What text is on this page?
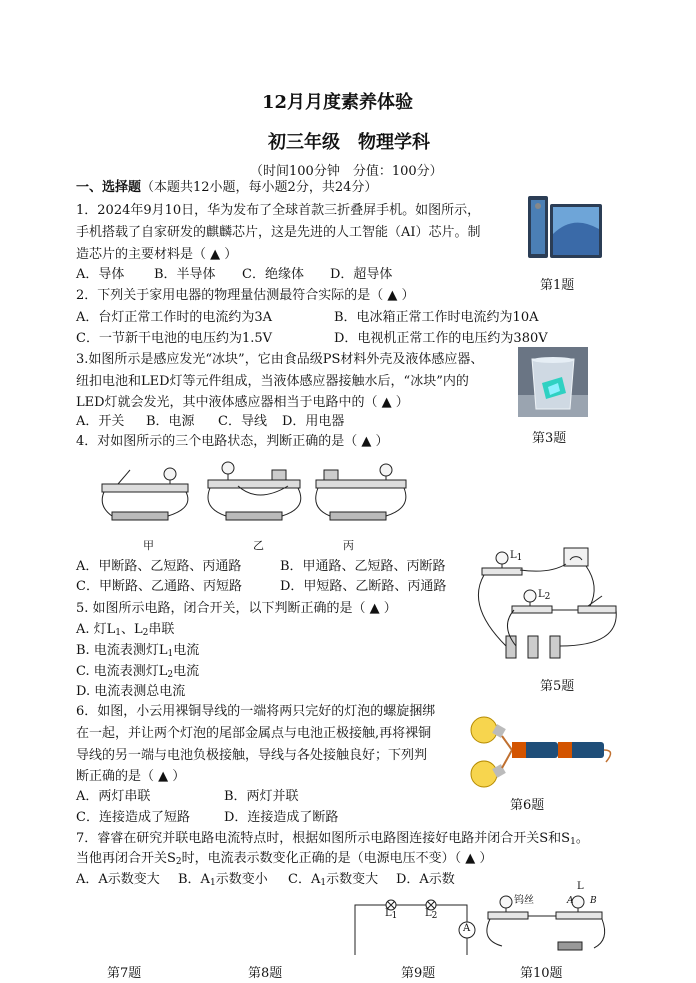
12月月度素养体验
初三年级　物理学科
（时间100分钟　分值：100分）
一、选择题（本题共12小题，每小题2分，共24分）
1．2024年9月10日，华为发布了全球首款三折叠屏手机。如图所示，
手机搭载了自家研发的麒麟芯片，这是先进的人工智能（AI）芯片。制
造芯片的主要材料是（ ▲ ）
A．导体 B．半导体 C．绝缘体 D．超导体
第1题
2．下列关于家用电器的物理量估测最符合实际的是（ ▲ ）
A．台灯正常工作时的电流约为3A	B．电冰箱正常工作时电流约为10A
C．一节新干电池的电压约为1.5V	D．电视机正常工作的电压约为380V
3.如图所示是感应发光“冰块”，它由食品级PS材料外壳及液体感应器、
纽扣电池和LED灯等元件组成，当液体感应器接触水后，“冰块”内的
LED灯就会发光，其中液体感应器相当于电路中的（ ▲ ）
A．开关 B．电源 C．导线 D．用电器
第3题
4．对如图所示的三个电路状态，判断正确的是（ ▲ ）
甲	乙	丙
A．甲断路、乙短路、丙通路	B．甲通路、乙短路、丙断路
C．甲断路、乙通路、丙短路	D．甲短路、乙断路、丙通路
5. 如图所示电路，闭合开关，以下判断正确的是（ ▲ ）
A. 灯$L_1$、$L_2$串联
B. 电流表测灯$L_1$电流
C. 电流表测灯$L_2$电流
D. 电流表测总电流
$L_1$
$L_2$
第5题
6．如图，小云用裸铜导线的一端将两只完好的灯泡的螺旋捆绑
在一起，并让两个灯泡的尾部金属点与电池正极接触,再将裸铜
导线的另一端与电池负极接触，导线与各处接触良好；下列判
断正确的是（ ▲ ）
A．两灯串联	B．两灯并联
C．连接造成了短路	D．连接造成了断路
第6题
7．睿睿在研究并联电路电流特点时，根据如图所示电路图连接好电路并闭合开关S和$S_1$。
当他再闭合开关$S_2$时，电流表示数变化正确的是（电源电压不变）（ ▲ ）
A．A示数变大 B．$A_1$示数变小 C．$A_1$示数变大 D．A示数
$L_1$	$L_2$
A
钨丝
L
A B
第7题	第8题	第9题	第10题
